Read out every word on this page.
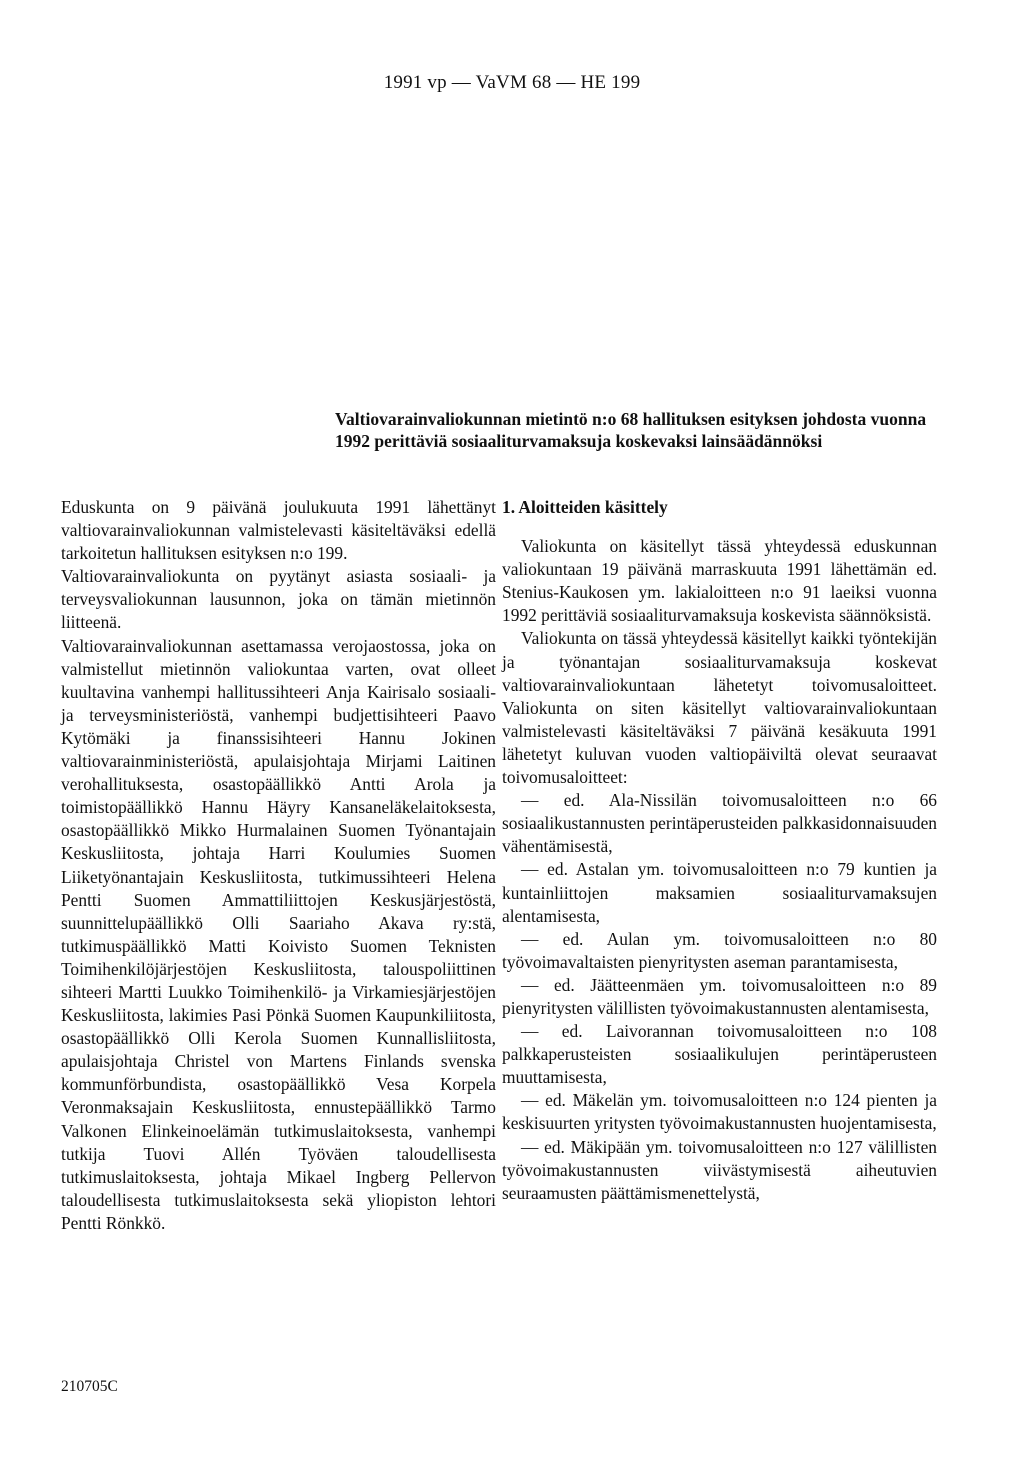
1991 vp — VaVM 68 — HE 199
Valtiovarainvaliokunnan mietintö n:o 68 hallituksen esityksen johdosta vuonna 1992 perittäviä sosiaaliturvamaksuja koskevaksi lainsäädännöksi

Eduskunta on 9 päivänä joulukuuta 1991 lähettänyt valtiovarainvaliokunnan valmistelevasti käsiteltäväksi edellä tarkoitetun hallituksen esityksen n:o 199.

Valtiovarainvaliokunta on pyytänyt asiasta sosiaali- ja terveysvaliokunnan lausunnon, joka on tämän mietinnön liitteenä.

Valtiovarainvaliokunnan asettamassa verojaostossa, joka on valmistellut mietinnön valiokuntaa varten, ovat olleet kuultavina vanhempi hallitussihteeri Anja Kairisalo sosiaali- ja terveysministeriöstä, vanhempi budjettisihteeri Paavo Kytömäki ja finanssisihteeri Hannu Jokinen valtiovarainministeriöstä, apulaisjohtaja Mirjami Laitinen verohallituksesta, osastopäällikkö Antti Arola ja toimistopäällikkö Hannu Häyry Kansaneläkelaitoksesta, osastopäällikkö Mikko Hurmalainen Suomen Työnantajain Keskusliitosta, johtaja Harri Koulumies Suomen Liiketyönantajain Keskusliitosta, tutkimussihteeri Helena Pentti Suomen Ammattiliittojen Keskusjärjestöstä, suunnittelupäällikkö Olli Saariaho Akava ry:stä, tutkimuspäällikkö Matti Koivisto Suomen Teknisten Toimihenkilöjärjestöjen Keskusliitosta, talouspoliittinen sihteeri Martti Luukko Toimihenkilö- ja Virkamiesjärjestöjen Keskusliitosta, lakimies Pasi Pönkä Suomen Kaupunkiliitosta, osastopäällikkö Olli Kerola Suomen Kunnallisliitosta, apulaisjohtaja Christel von Martens Finlands svenska kommunförbundista, osastopäällikkö Vesa Korpela Veronmaksajain Keskusliitosta, ennustepäällikkö Tarmo Valkonen Elinkeinoelämän tutkimuslaitoksesta, vanhempi tutkija Tuovi Allén Työväen taloudellisesta tutkimuslaitoksesta, johtaja Mikael Ingberg Pellervon taloudellisesta tutkimuslaitoksesta sekä yliopiston lehtori Pentti Rönkkö.

1. Aloitteiden käsittely

Valiokunta on käsitellyt tässä yhteydessä eduskunnan valiokuntaan 19 päivänä marraskuuta 1991 lähettämän ed. Stenius-Kaukosen ym. lakialoitteen n:o 91 laeiksi vuonna 1992 perittäviä sosiaaliturvamaksuja koskevista säännöksistä.

Valiokunta on tässä yhteydessä käsitellyt kaikki työntekijän ja työnantajan sosiaaliturvamaksuja koskevat valtiovarainvaliokuntaan lähetetyt toivomusaloitteet. Valiokunta on siten käsitellyt valtiovarainvaliokuntaan valmistelevasti käsiteltäväksi 7 päivänä kesäkuuta 1991 lähetetyt kuluvan vuoden valtiopäiviltä olevat seuraavat toivomusaloitteet:

— ed. Ala-Nissilän toivomusaloitteen n:o 66 sosiaalikustannusten perintäperusteiden palkkasidonnaisuuden vähentämisestä,

— ed. Astalan ym. toivomusaloitteen n:o 79 kuntien ja kuntainliittojen maksamien sosiaaliturvamaksujen alentamisesta,

— ed. Aulan ym. toivomusaloitteen n:o 80 työvoimavaltaisten pienyritysten aseman parantamisesta,

— ed. Jäätteenmäen ym. toivomusaloitteen n:o 89 pienyritysten välillisten työvoimakustannusten alentamisesta,

— ed. Laivorannan toivomusaloitteen n:o 108 palkkaperusteisten sosiaalikulujen perintäperusteen muuttamisesta,

— ed. Mäkelän ym. toivomusaloitteen n:o 124 pienten ja keskisuurten yritysten työvoimakustannusten huojentamisesta,

— ed. Mäkipään ym. toivomusaloitteen n:o 127 välillisten työvoimakustannusten viivästymisestä aiheutuvien seuraamusten päättämismenettelystä,

210705C
